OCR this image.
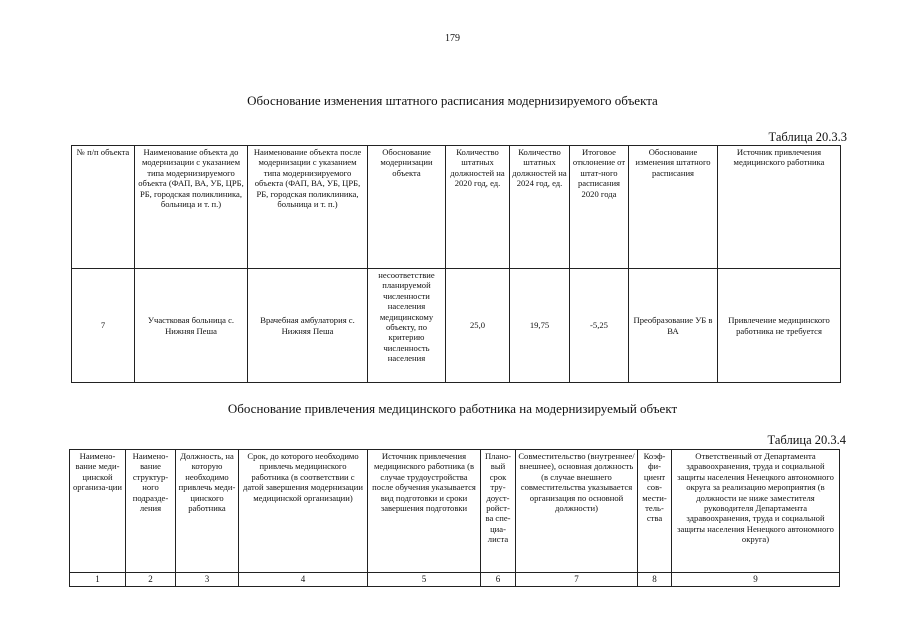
179
Обоснование изменения штатного расписания модернизируемого объекта
Таблица 20.3.3
№ п/п объекта	Наименование объекта до модернизации с указанием типа модернизируемого объекта (ФАП, ВА, УБ, ЦРБ, РБ, городская поликлиника, больница и т. п.)	Наименование объекта после модернизации с указанием типа модернизируемого объекта (ФАП, ВА, УБ, ЦРБ, РБ, городская поликлиника, больница и т. п.)	Обоснование модернизации объекта	Количество штатных должностей на 2020 год, ед.	Количество штатных должностей на 2024 год, ед.	Итоговое отклонение от штат-ного расписания 2020 года	Обоснование изменения штатного расписания	Источник привлечения медицинского работника
7	Участковая больница с. Нижняя Пеша	Врачебная амбулатория с. Нижняя Пеша	несоответствие планируемой численности населения медицинскому объекту, по критерию численность населения	25,0	19,75	-5,25	Преобразование УБ в ВА	Привлечение медицинского работника не требуется
Обоснование привлечения медицинского работника на модернизируемый объект
Таблица 20.3.4
Наимено-вание меди-цинской организа-ции	Наимено-вание структур-ного подразде-ления	Должность, на которую необходимо привлечь меди-цинского работника	Срок, до которого необходимо привлечь медицинского работника (в соответствии с датой завершения модернизации медицинской организации)	Источник привлечения медицинского работника (в случае трудоустройства после обучения указывается вид подготовки и сроки завершения подготовки	Плано-вый срок тру-доуст-ройст-ва спе-циа-листа	Совместительство (внутреннее/внешнее), основная должность (в случае внешнего совместительства указывается организация по основной должности)	Коэф-фи-циент сов-мести-тель-ства	Ответственный от Департамента здравоохранения, труда и социальной защиты населения Ненецкого автономного округа за реализацию мероприятия (в должности не ниже заместителя руководителя Департамента здравоохранения, труда и социальной защиты населения Ненецкого автономного округа)
1	2	3	4	5	6	7	8	9
